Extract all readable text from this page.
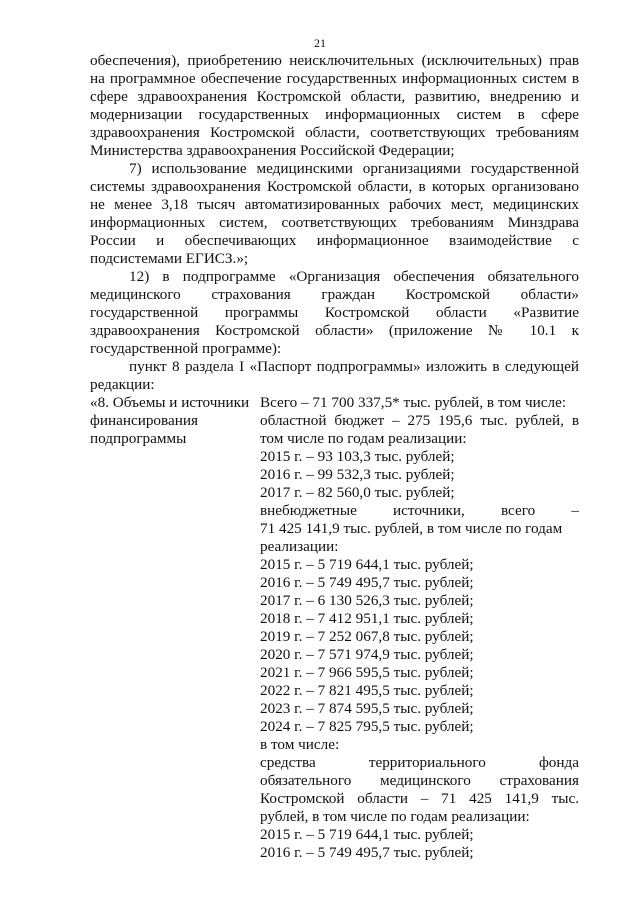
21
обеспечения), приобретению неисключительных (исключительных) прав
на программное обеспечение государственных информационных систем в
сфере здравоохранения Костромской области, развитию, внедрению и
модернизации государственных информационных систем в сфере
здравоохранения Костромской области, соответствующих требованиям
Министерства здравоохранения Российской Федерации;
7) использование медицинскими организациями государственной
системы здравоохранения Костромской области, в которых организовано
не менее 3,18 тысяч автоматизированных рабочих мест, медицинских
информационных систем, соответствующих требованиям Минздрава
России и обеспечивающих информационное взаимодействие с
подсистемами ЕГИСЗ.»;
12) в подпрограмме «Организация обеспечения обязательного
медицинского страхования граждан Костромской области»
государственной программы Костромской области «Развитие
здравоохранения Костромской области» (приложение № 10.1 к
государственной программе):
пункт 8 раздела I «Паспорт подпрограммы» изложить в следующей
редакции:
«8. Объемы и источники
финансирования
подпрограммы
Всего – 71 700 337,5* тыс. рублей, в том числе:
областной бюджет – 275 195,6 тыс. рублей, в
том числе по годам реализации:
2015 г. – 93 103,3 тыс. рублей;
2016 г. – 99 532,3 тыс. рублей;
2017 г. – 82 560,0 тыс. рублей;
внебюджетные источники, всего –
71 425 141,9 тыс. рублей, в том числе по годам
реализации:
2015 г. – 5 719 644,1 тыс. рублей;
2016 г. – 5 749 495,7 тыс. рублей;
2017 г. – 6 130 526,3 тыс. рублей;
2018 г. – 7 412 951,1 тыс. рублей;
2019 г. – 7 252 067,8 тыс. рублей;
2020 г. – 7 571 974,9 тыс. рублей;
2021 г. – 7 966 595,5 тыс. рублей;
2022 г. – 7 821 495,5 тыс. рублей;
2023 г. – 7 874 595,5 тыс. рублей;
2024 г. – 7 825 795,5 тыс. рублей;
в том числе:
средства территориального фонда
обязательного медицинского страхования
Костромской области – 71 425 141,9 тыс.
рублей, в том числе по годам реализации:
2015 г. – 5 719 644,1 тыс. рублей;
2016 г. – 5 749 495,7 тыс. рублей;
